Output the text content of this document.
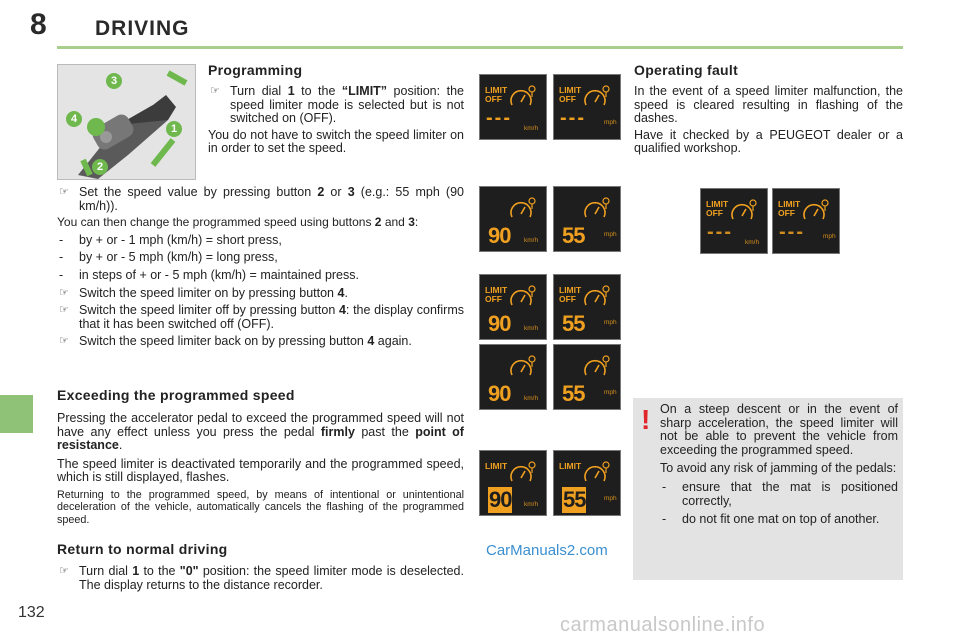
8 DRIVING
132
3
1
4
2
Programming
☞ Turn dial 1 to the “LIMIT” position: the speed limiter mode is selected but is not switched on (OFF).

You do not have to switch the speed limiter on in order to set the speed.

☞ Set the speed value by pressing button 2 or 3 (e.g.: 55 mph (90 km/h)).

You can then change the programmed speed using buttons 2 and 3:

- by + or - 1 mph (km/h) = short press,
- by + or - 5 mph (km/h) = long press,
- in steps of + or - 5 mph (km/h) = maintained press.
☞ Switch the speed limiter on by pressing button 4.
☞ Switch the speed limiter off by pressing button 4: the display confirms that it has been switched off (OFF).
☞ Switch the speed limiter back on by pressing button 4 again.
Exceeding the programmed speed

Pressing the accelerator pedal to exceed the programmed speed will not have any effect unless you press the pedal firmly past the point of resistance.

The speed limiter is deactivated temporarily and the programmed speed, which is still displayed, flashes.

Returning to the programmed speed, by means of intentional or unintentional deceleration of the vehicle, automatically cancels the flashing of the programmed speed.

Return to normal driving
☞ Turn dial 1 to the "0" position: the speed limiter mode is deselected. The display returns to the distance recorder.
Operating fault

In the event of a speed limiter malfunction, the speed is cleared resulting in flashing of the dashes.

Have it checked by a PEUGEOT dealer or a qualified workshop.

! On a steep descent or in the event of sharp acceleration, the speed limiter will not be able to prevent the vehicle from exceeding the programmed speed.

To avoid any risk of jamming of the pedals:

- ensure that the mat is positioned correctly,
- do not fit one mat on top of another.
LIMIT
OFF
--- km/h
LIMIT
OFF
---	mph
90 km/h 55	mph
LIMIT
OFF
90 km/h
LIMIT
OFF
55	mph
90 km/h 55	mph
LIMIT
90 km/h
LIMIT
55	mph
LIMIT
OFF
--- km/h
LIMIT
OFF
---	mph
CarManuals2.com
carmanualsonline.info
